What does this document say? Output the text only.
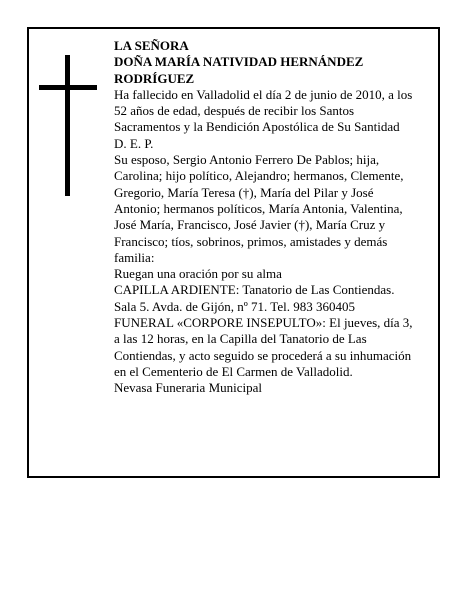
LA SEÑORA

DOÑA MARÍA NATIVIDAD HERNÁNDEZ RODRÍGUEZ

Ha fallecido en Valladolid el día 2 de junio de 2010, a los 52 años de edad, después de recibir los Santos Sacramentos y la Bendición Apostólica de Su Santidad

D. E. P.

Su esposo, Sergio Antonio Ferrero De Pablos; hija, Carolina; hijo político, Alejandro; hermanos, Clemente, Gregorio, María Teresa (†), María del Pilar y José Antonio; hermanos políticos, María Antonia, Valentina, José María, Francisco, José Javier (†), María Cruz y Francisco; tíos, sobrinos, primos, amistades y demás familia:

Ruegan una oración por su alma

CAPILLA ARDIENTE: Tanatorio de Las Contiendas. Sala 5. Avda. de Gijón, nº 71. Tel. 983 360405

FUNERAL «CORPORE INSEPULTO»: El jueves, día 3, a las 12 horas, en la Capilla del Tanatorio de Las Contiendas, y acto seguido se procederá a su inhumación en el Cementerio de El Carmen de Valladolid.

Nevasa Funeraria Municipal
